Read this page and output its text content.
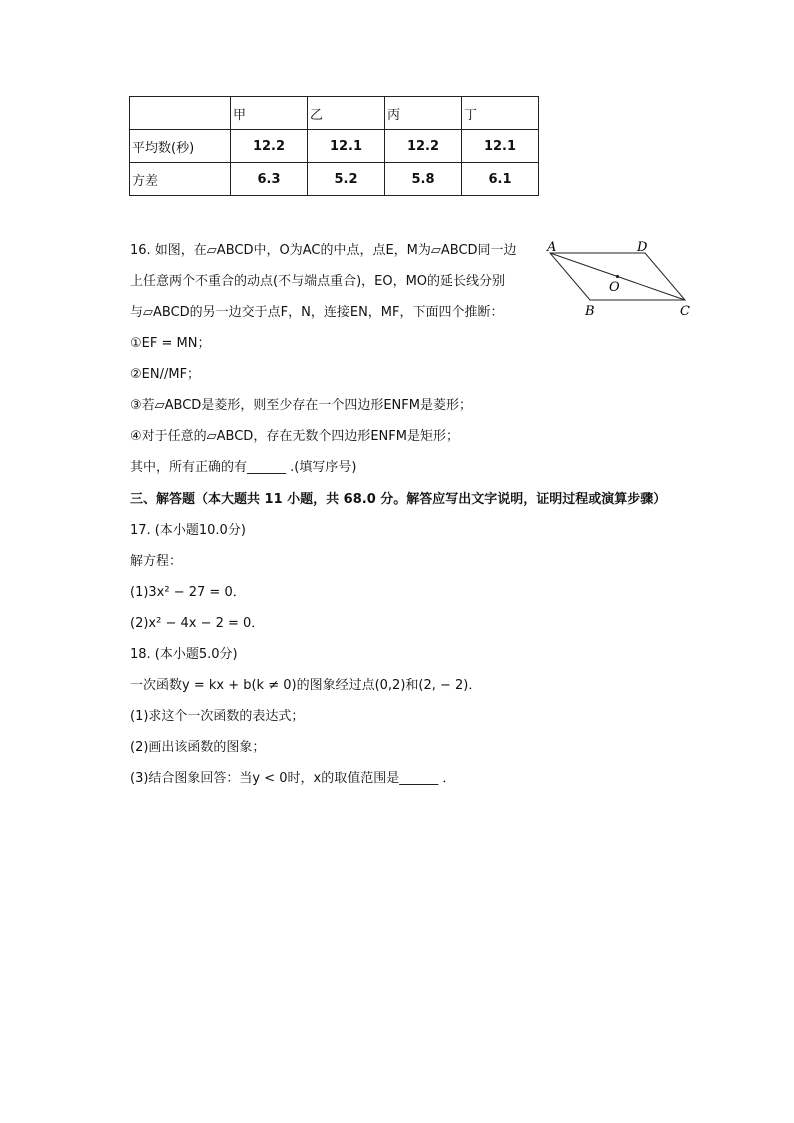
	甲	乙	丙	丁
平均数(秒)	12.2	12.1	12.2	12.1
方差	6.3	5.2	5.8	6.1
16. 如图，在▱ABCD中，O为AC的中点，点E，M为▱ABCD同一边
上任意两个不重合的动点(不与端点重合)，EO，MO的延长线分别
与▱ABCD的另一边交于点F，N，连接EN，MF，下面四个推断：
①EF = MN；
②EN//MF；
③若▱ABCD是菱形，则至少存在一个四边形ENFM是菱形；
④对于任意的▱ABCD，存在无数个四边形ENFM是矩形；
其中，所有正确的有______ .(填写序号)
A	D
O
B	C
三、解答题（本大题共 11 小题，共 68.0 分。解答应写出文字说明，证明过程或演算步骤）
17. (本小题10.0分)
解方程：
(1)3x² − 27 = 0．
(2)x² − 4x − 2 = 0．
18. (本小题5.0分)
一次函数y = kx + b(k ≠ 0)的图象经过点(0,2)和(2, − 2)．
(1)求这个一次函数的表达式；
(2)画出该函数的图象；
(3)结合图象回答：当y < 0时，x的取值范围是______ ．
